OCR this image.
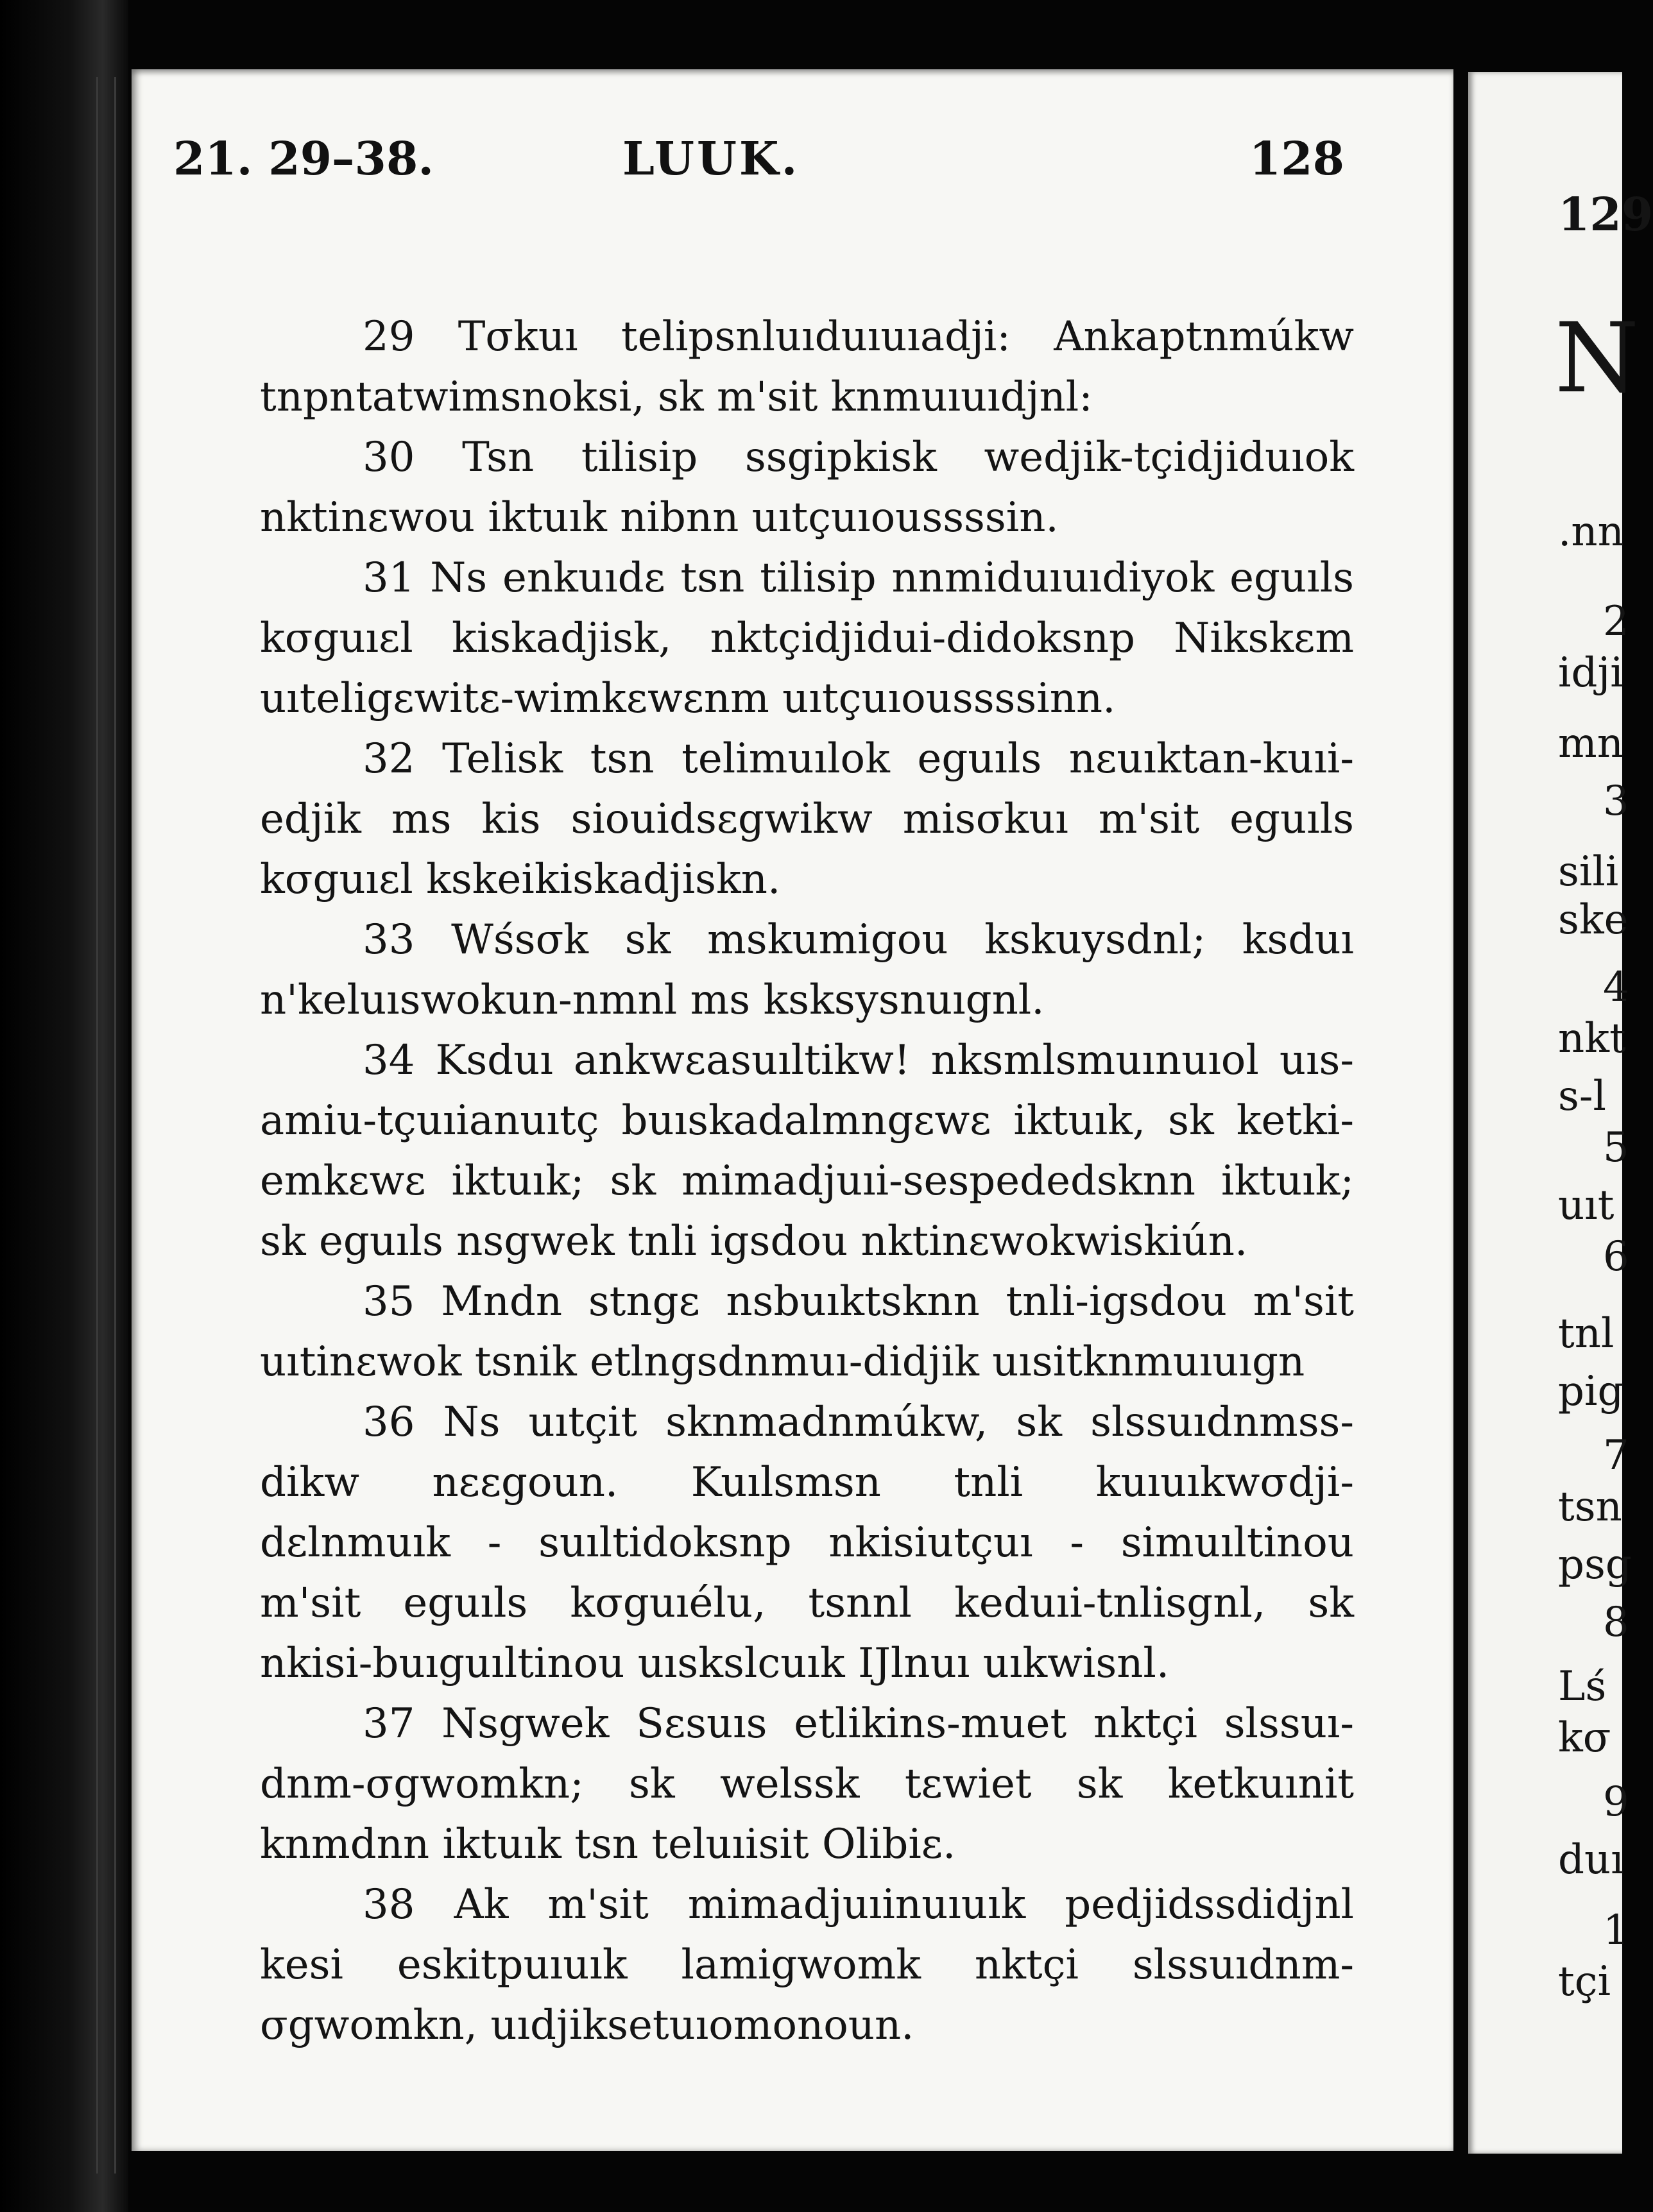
21. 29–38.	LUUK.	128
29 Tσkuı telipsnluıduıuıadji: Ankaptnmúkw
tnpntatwimsnoksi, sk m'sit knmuıuıdjnl:
30 Tsn tilisip ssgipkisk wedjik-tçidjiduıok
nktinεwou iktuık nibnn uıtçuıoussssin.
31 Ns enkuıdε tsn tilisip nnmiduıuıdiyok eguıls
kσguıεl kiskadjisk, nktçidjidui-didoksnp Nikskεm
uıteligεwitε-wimkεwεnm uıtçuıoussssinn.
32 Telisk tsn telimuılok eguıls nεuıktan-kuıi-
edjik ms kis siouidsεgwikw misσkuı m'sit eguıls
kσguıεl kskeikiskadjiskn.
33 Wśsσk sk mskumigou kskuysdnl; ksduı
n'keluıswokun-nmnl ms ksksysnuıgnl.
34 Ksduı ankwεasuıltikw! nksmlsmuınuıol uıs-
amiu-tçuıianuıtç buıskadalmngεwε iktuık, sk ketki-
emkεwε iktuık; sk mimadjuıi-sespededsknn iktuık;
sk eguıls nsgwek tnli igsdou nktinεwokwiskiún.
35 Mndn stngε nsbuıktsknn tnli-igsdou m'sit
uıtinεwok tsnik etlngsdnmuı-didjik uısitknmuıuıgn
36 Ns uıtçit sknmadnmúkw, sk slssuıdnmss-
dikw nεεgoun. Kuılsmsn tnli kuıuıkwσdji-
dεlnmuık - suıltidoksnp nkisiutçuı - simuıltinou
m'sit eguıls kσguıélu, tsnnl keduıi-tnlisgnl, sk
nkisi-buıguıltinou uıskslcuık IJlnuı uıkwisnl.
37 Nsgwek Sεsuıs etlikins-muet nktçi slssuı-
dnm-σgwomkn; sk welssk tεwiet sk ketkuınit
knmdnn iktuık tsn teluıisit Olibiε.
38 Ak m'sit mimadjuıinuıuık pedjidssdidjnl
kesi eskitpuıuık lamigwomk nktçi slssuıdnm-
σgwomkn, uıdjiksetuıomonoun.
129
N
.nn
2
idji
mn
3
sili
ske
4
nkt
s-l
5
uıt
6
tnl
pig
7
tsn
psg
8
Lś
kσ
9
duı
1
tçi
